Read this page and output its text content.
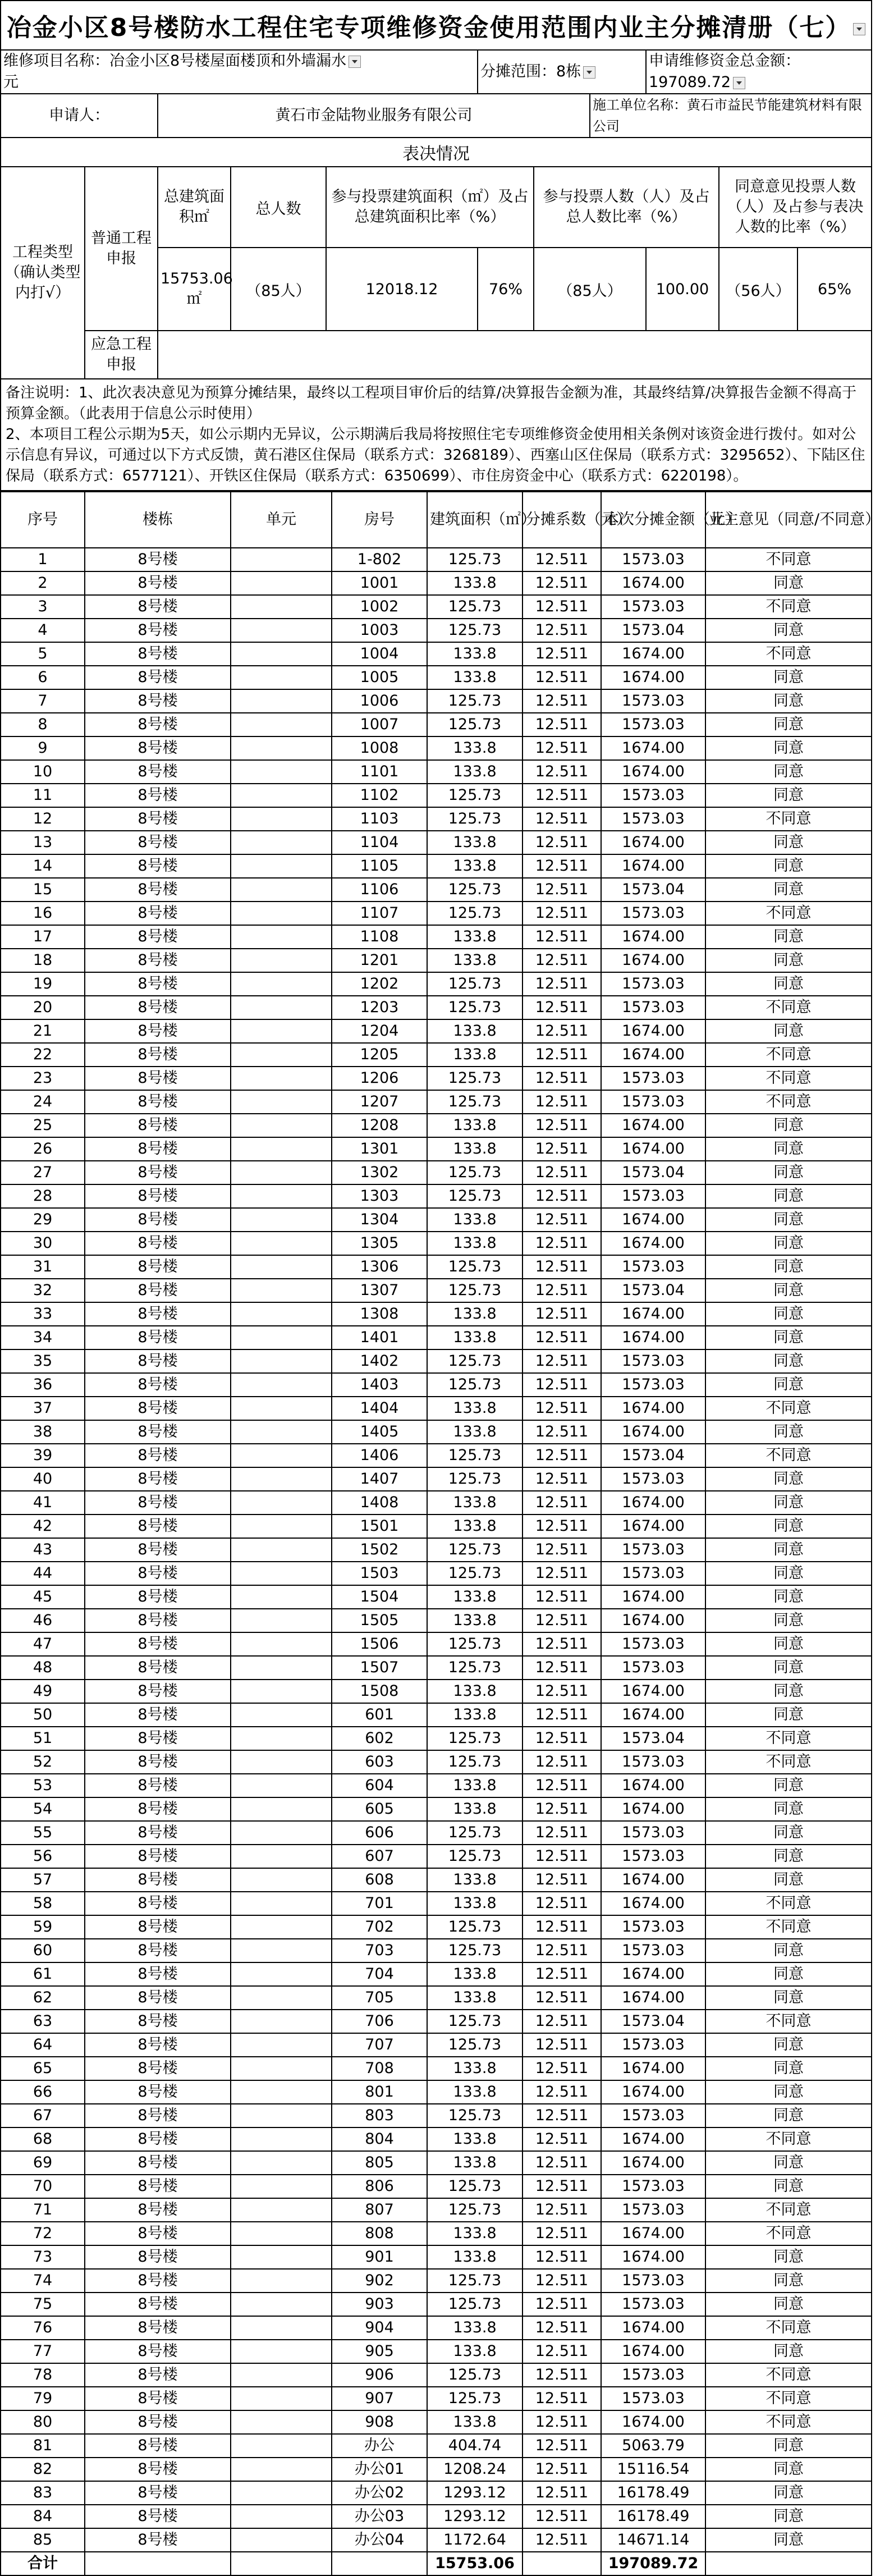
冶金小区8号楼防水工程住宅专项维修资金使用范围内业主分摊清册（七）										
维修项目名称：冶金小区8号楼屋面楼顶和外墙漏水
元					分摊范围：8栋			申请维修资金总金额：197089.72		
申请人：		黄石市金陆物业服务有限公司					施工单位名称：黄石市益民节能建筑材料有限公司			
表决情况										
工程类型（确认类型内打√）	普通工程申报	总建筑面积㎡	总人数	参与投票建筑面积（㎡）及占总建筑面积比率（%）		参与投票人数（人）及占总人数比率（%）			同意意见投票人数（人）及占参与表决人数的比率（%）	

		15753.06㎡	（85人）	12018.12	76%	（85人）		100.00	（56人）	65%
	应急工程申报									
备注说明：1、此次表决意见为预算分摊结果，最终以工程项目审价后的结算/决算报告金额为准，其最终结算/决算报告金额不得高于预算金额。（此表用于信息公示时使用）
2、本项目工程公示期为5天，如公示期内无异议，公示期满后我局将按照住宅专项维修资金使用相关条例对该资金进行拨付。如对公示信息有异议，可通过以下方式反馈，黄石港区住保局（联系方式：3268189）、西塞山区住保局（联系方式：3295652）、下陆区住保局（联系方式：6577121）、开铁区住保局（联系方式：6350699）、市住房资金中心（联系方式：6220198）。										
序号	楼栋	单元	房号	建筑面积（㎡）	分摊系数（元）	本次分摊金额（元）	业主意见（同意/不同意）
1	8号楼		1-802	125.73	12.511	1573.03	不同意
2	8号楼		1001	133.8	12.511	1674.00	同意
3	8号楼		1002	125.73	12.511	1573.03	不同意
4	8号楼		1003	125.73	12.511	1573.04	同意
5	8号楼		1004	133.8	12.511	1674.00	不同意
6	8号楼		1005	133.8	12.511	1674.00	同意
7	8号楼		1006	125.73	12.511	1573.03	同意
8	8号楼		1007	125.73	12.511	1573.03	同意
9	8号楼		1008	133.8	12.511	1674.00	同意
10	8号楼		1101	133.8	12.511	1674.00	同意
11	8号楼		1102	125.73	12.511	1573.03	同意
12	8号楼		1103	125.73	12.511	1573.03	不同意
13	8号楼		1104	133.8	12.511	1674.00	同意
14	8号楼		1105	133.8	12.511	1674.00	同意
15	8号楼		1106	125.73	12.511	1573.04	同意
16	8号楼		1107	125.73	12.511	1573.03	不同意
17	8号楼		1108	133.8	12.511	1674.00	同意
18	8号楼		1201	133.8	12.511	1674.00	同意
19	8号楼		1202	125.73	12.511	1573.03	同意
20	8号楼		1203	125.73	12.511	1573.03	不同意
21	8号楼		1204	133.8	12.511	1674.00	同意
22	8号楼		1205	133.8	12.511	1674.00	不同意
23	8号楼		1206	125.73	12.511	1573.03	不同意
24	8号楼		1207	125.73	12.511	1573.03	不同意
25	8号楼		1208	133.8	12.511	1674.00	同意
26	8号楼		1301	133.8	12.511	1674.00	同意
27	8号楼		1302	125.73	12.511	1573.04	同意
28	8号楼		1303	125.73	12.511	1573.03	同意
29	8号楼		1304	133.8	12.511	1674.00	同意
30	8号楼		1305	133.8	12.511	1674.00	同意
31	8号楼		1306	125.73	12.511	1573.03	同意
32	8号楼		1307	125.73	12.511	1573.04	同意
33	8号楼		1308	133.8	12.511	1674.00	同意
34	8号楼		1401	133.8	12.511	1674.00	同意
35	8号楼		1402	125.73	12.511	1573.03	同意
36	8号楼		1403	125.73	12.511	1573.03	同意
37	8号楼		1404	133.8	12.511	1674.00	不同意
38	8号楼		1405	133.8	12.511	1674.00	同意
39	8号楼		1406	125.73	12.511	1573.04	不同意
40	8号楼		1407	125.73	12.511	1573.03	同意
41	8号楼		1408	133.8	12.511	1674.00	同意
42	8号楼		1501	133.8	12.511	1674.00	同意
43	8号楼		1502	125.73	12.511	1573.03	同意
44	8号楼		1503	125.73	12.511	1573.03	同意
45	8号楼		1504	133.8	12.511	1674.00	同意
46	8号楼		1505	133.8	12.511	1674.00	同意
47	8号楼		1506	125.73	12.511	1573.03	同意
48	8号楼		1507	125.73	12.511	1573.03	同意
49	8号楼		1508	133.8	12.511	1674.00	同意
50	8号楼		601	133.8	12.511	1674.00	同意
51	8号楼		602	125.73	12.511	1573.04	不同意
52	8号楼		603	125.73	12.511	1573.03	不同意
53	8号楼		604	133.8	12.511	1674.00	同意
54	8号楼		605	133.8	12.511	1674.00	同意
55	8号楼		606	125.73	12.511	1573.03	同意
56	8号楼		607	125.73	12.511	1573.03	同意
57	8号楼		608	133.8	12.511	1674.00	同意
58	8号楼		701	133.8	12.511	1674.00	不同意
59	8号楼		702	125.73	12.511	1573.03	不同意
60	8号楼		703	125.73	12.511	1573.03	同意
61	8号楼		704	133.8	12.511	1674.00	同意
62	8号楼		705	133.8	12.511	1674.00	同意
63	8号楼		706	125.73	12.511	1573.04	不同意
64	8号楼		707	125.73	12.511	1573.03	同意
65	8号楼		708	133.8	12.511	1674.00	同意
66	8号楼		801	133.8	12.511	1674.00	同意
67	8号楼		803	125.73	12.511	1573.03	同意
68	8号楼		804	133.8	12.511	1674.00	不同意
69	8号楼		805	133.8	12.511	1674.00	同意
70	8号楼		806	125.73	12.511	1573.03	同意
71	8号楼		807	125.73	12.511	1573.03	不同意
72	8号楼		808	133.8	12.511	1674.00	不同意
73	8号楼		901	133.8	12.511	1674.00	同意
74	8号楼		902	125.73	12.511	1573.03	同意
75	8号楼		903	125.73	12.511	1573.03	同意
76	8号楼		904	133.8	12.511	1674.00	不同意
77	8号楼		905	133.8	12.511	1674.00	同意
78	8号楼		906	125.73	12.511	1573.03	不同意
79	8号楼		907	125.73	12.511	1573.03	不同意
80	8号楼		908	133.8	12.511	1674.00	不同意
81	8号楼		办公	404.74	12.511	5063.79	同意
82	8号楼		办公01	1208.24	12.511	15116.54	同意
83	8号楼		办公02	1293.12	12.511	16178.49	同意
84	8号楼		办公03	1293.12	12.511	16178.49	同意
85	8号楼		办公04	1172.64	12.511	14671.14	同意
合计				15753.06		197089.72	
